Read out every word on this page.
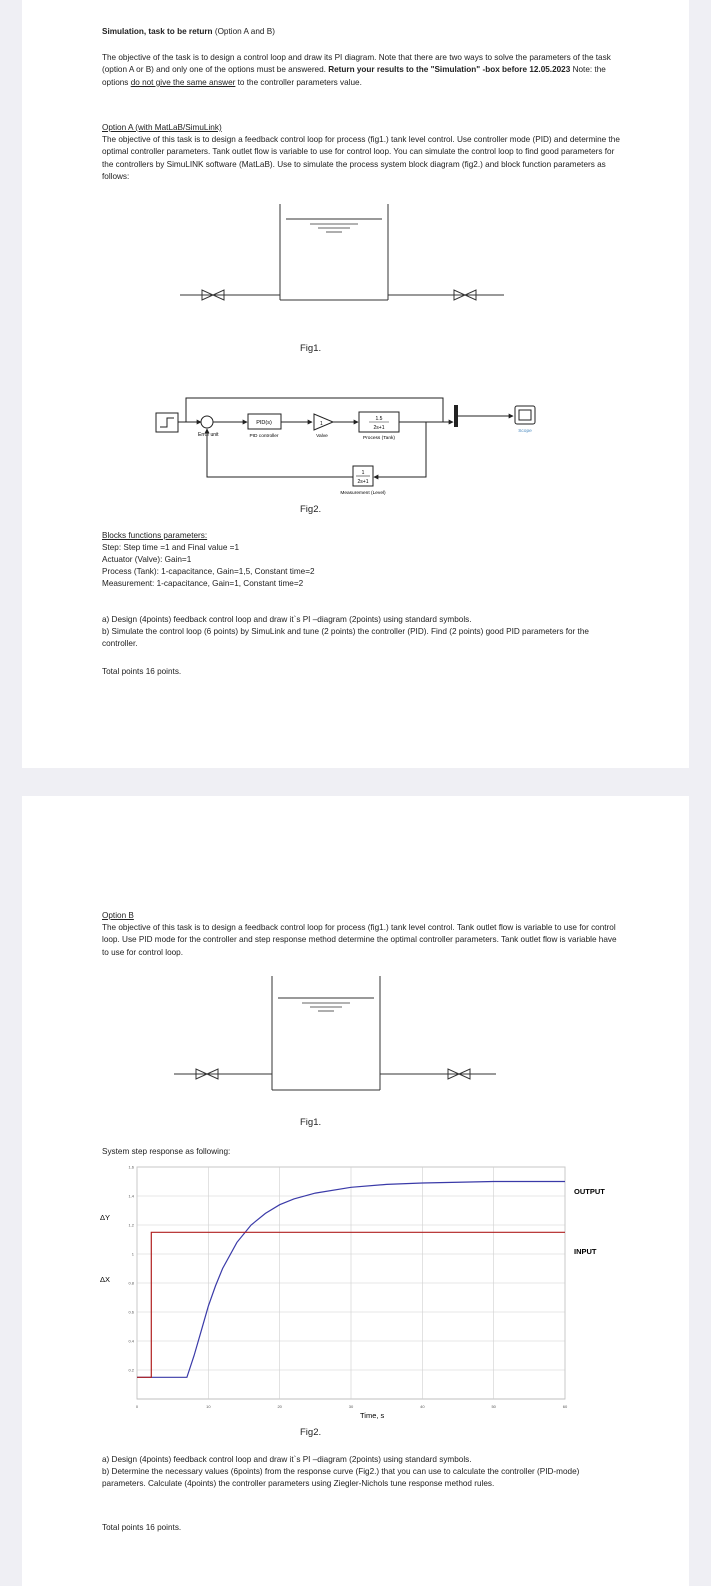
Simulation, task to be return (Option A and B)

The objective of the task is to design a control loop and draw its PI diagram. Note that there are two ways to solve the parameters of the task (option A or B) and only one of the options must be answered. Return your results to the "Simulation" -box before 12.05.2023 Note: the options do not give the same answer to the controller parameters value.

Option A (with MatLaB/SimuLink)

The objective of this task is to design a feedback control loop for process (fig1.) tank level control. Use controller mode (PID) and determine the optimal controller parameters. Tank outlet flow is variable to use for control loop. You can simulate the control loop to find good parameters for the controllers by SimuLINK software (MatLaB). Use to simulate the process system block diagram (fig2.) and block function parameters as follows:

Fig1.
Error unit
PID(s)
PID controller
1
Valve
1.5
2s+1
Process (Tank)
Scope
1
2s+1
Measurement (Level)
Fig2.

Blocks functions parameters:

Step: Step time =1 and Final value =1

Actuator (Valve): Gain=1

Process (Tank): 1-capacitance, Gain=1,5, Constant time=2

Measurement: 1-capacitance, Gain=1, Constant time=2

a) Design (4points) feedback control loop and draw it`s PI –diagram (2points) using standard symbols.

b) Simulate the control loop (6 points) by SimuLink and tune (2 points) the controller (PID). Find (2 points) good PID parameters for the controller.

Total points 16 points.

Option B

The objective of this task is to design a feedback control loop for process (fig1.) tank level control. Tank outlet flow is variable to use for control loop. Use PID mode for the controller and step response method determine the optimal controller parameters. Tank outlet flow is variable have to use for control loop.

Fig1.

System step response as following:

0	10	20	30	40	50	60
0.2
0.4
0.6
0.8
1
1.2
1.4
1.6
ΔY
ΔX
OUTPUT
INPUT
Time, s
Fig2.

a) Design (4points) feedback control loop and draw it`s PI –diagram (2points) using standard symbols.

b) Determine the necessary values (6points) from the response curve (Fig2.) that you can use to calculate the controller (PID-mode) parameters. Calculate (4points) the controller parameters using Ziegler-Nichols tune response method rules.

Total points 16 points.
